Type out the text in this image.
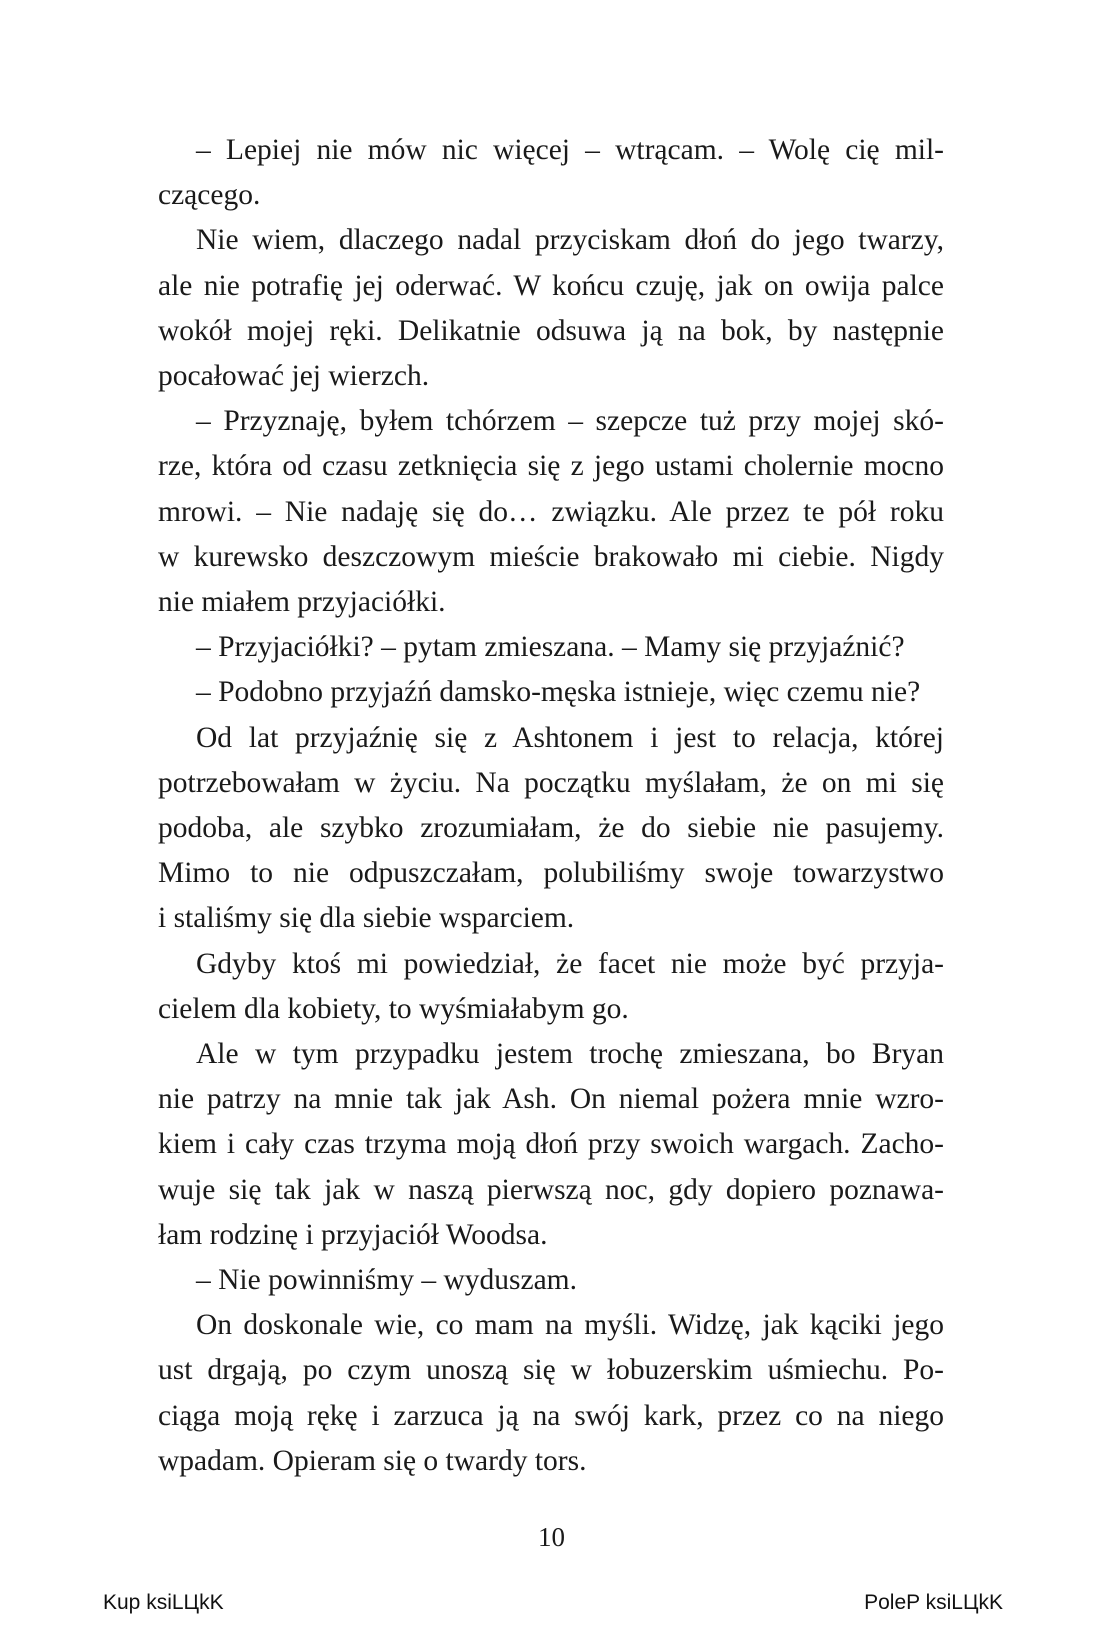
– Lepiej nie mów nic więcej – wtrącam. – Wolę cię mil-

czącego.

Nie wiem, dlaczego nadal przyciskam dłoń do jego twarzy,

ale nie potrafię jej oderwać. W końcu czuję, jak on owija palce

wokół mojej ręki. Delikatnie odsuwa ją na bok, by następnie

pocałować jej wierzch.

– Przyznaję, byłem tchórzem – szepcze tuż przy mojej skó-

rze, która od czasu zetknięcia się z jego ustami cholernie mocno

mrowi. – Nie nadaję się do… związku. Ale przez te pół roku

w kurewsko deszczowym mieście brakowało mi ciebie. Nigdy

nie miałem przyjaciółki.

– Przyjaciółki? – pytam zmieszana. – Mamy się przyjaźnić?

– Podobno przyjaźń damsko-męska istnieje, więc czemu nie?

Od lat przyjaźnię się z Ashtonem i jest to relacja, której

potrzebowałam w życiu. Na początku myślałam, że on mi się

podoba, ale szybko zrozumiałam, że do siebie nie pasujemy.

Mimo to nie odpuszczałam, polubiliśmy swoje towarzystwo

i staliśmy się dla siebie wsparciem.

Gdyby ktoś mi powiedział, że facet nie może być przyja-

cielem dla kobiety, to wyśmiałabym go.

Ale w tym przypadku jestem trochę zmieszana, bo Bryan

nie patrzy na mnie tak jak Ash. On niemal pożera mnie wzro-

kiem i cały czas trzyma moją dłoń przy swoich wargach. Zacho-

wuje się tak jak w naszą pierwszą noc, gdy dopiero poznawa-

łam rodzinę i przyjaciół Woodsa.

– Nie powinniśmy – wyduszam.

On doskonale wie, co mam na myśli. Widzę, jak kąciki jego

ust drgają, po czym unoszą się w łobuzerskim uśmiechu. Po-

ciąga moją rękę i zarzuca ją na swój kark, przez co na niego

wpadam. Opieram się o twardy tors.

10
Kup ksiLЦkK	PoleP ksiLЦkK
